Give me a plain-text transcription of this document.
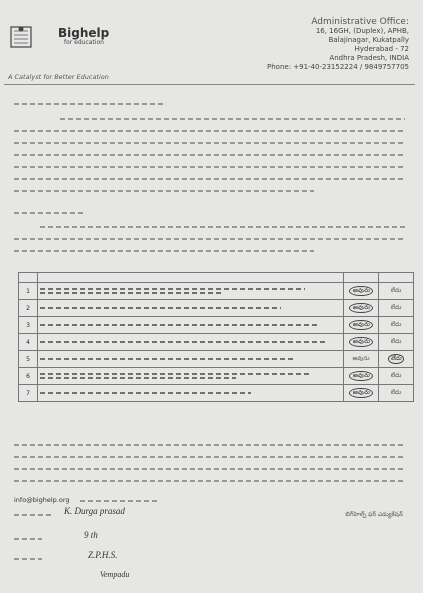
Bighelp
for education
A Catalyst for Better Education
Administrative Office:
16, 16GH, (Duplex), APHB,
Balajinagar, Kukatpally
Hyderabad - 72
Andhra Pradesh, INDIA
Phone: +91-40-23152224 / 9849757705

1		అవును	లేదు
2		అవును	లేదు
3		అవును	లేదు
4		అవును	లేదు
5		అవును	లేదు
6		అవును	లేదు
7		అవును	లేదు
info@bighelp.org
K. Durga prasad
9 th
Z.P.H.S.
Vempadu
బిగ్‌హెల్ప్ ఫర్ ఎడ్యుకేషన్
